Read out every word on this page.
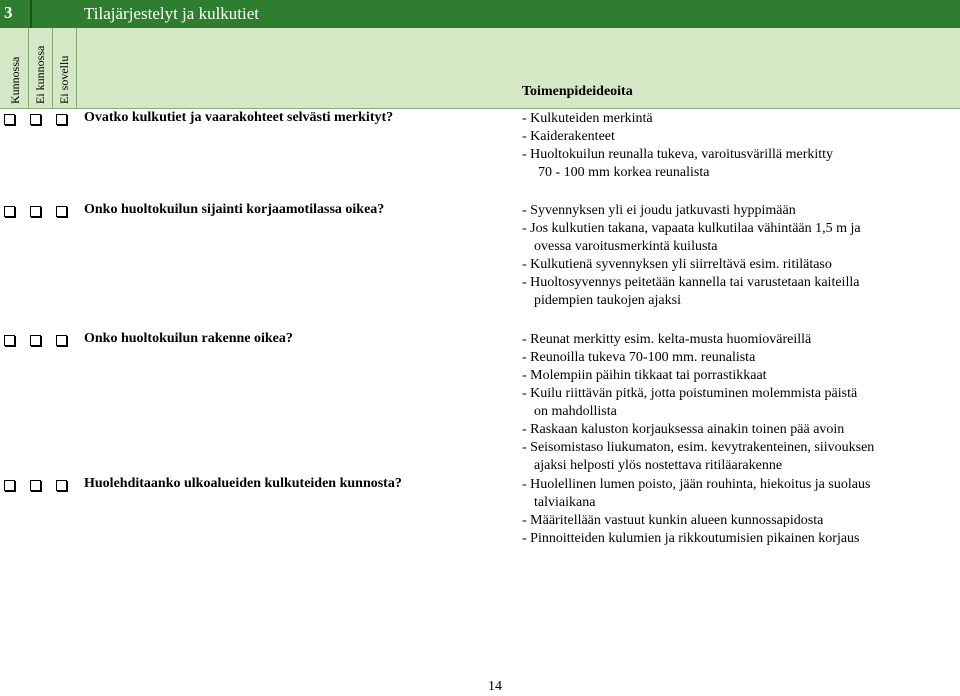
3	Tilajärjestelyt ja kulkutiet
Kunnossa Ei kunnossa Ei sovellu	Toimenpideideoita
Ovatko kulkutiet ja vaarakohteet selvästi merkityt?	- Kulkuteiden merkintä
- Kaiderakenteet
- Huoltokuilun reunalla tukeva, varoitusvärillä merkitty
70 - 100 mm korkea reunalista
Onko huoltokuilun sijainti korjaamotilassa oikea?	- Syvennyksen yli ei joudu jatkuvasti hyppimään
- Jos kulkutien takana, vapaata kulkutilaa vähintään 1,5 m ja
ovessa varoitusmerkintä kuilusta
- Kulkutienä syvennyksen yli siirreltävä esim. ritilätaso
- Huoltosyvennys peitetään kannella tai varustetaan kaiteilla
pidempien taukojen ajaksi
Onko huoltokuilun rakenne oikea?	- Reunat merkitty esim. kelta-musta huomioväreillä
- Reunoilla tukeva 70-100 mm. reunalista
- Molempiin päihin tikkaat tai porrastikkaat
- Kuilu riittävän pitkä, jotta poistuminen molemmista päistä
on mahdollista
- Raskaan kaluston korjauksessa ainakin toinen pää avoin
- Seisomistaso liukumaton, esim. kevytrakenteinen, siivouksen
ajaksi helposti ylös nostettava ritiläarakenne
Huolehditaanko ulkoalueiden kulkuteiden kunnosta?	- Huolellinen lumen poisto, jään rouhinta, hiekoitus ja suolaus
talviaikana
- Määritellään vastuut kunkin alueen kunnossapidosta
- Pinnoitteiden kulumien ja rikkoutumisien pikainen korjaus
14
